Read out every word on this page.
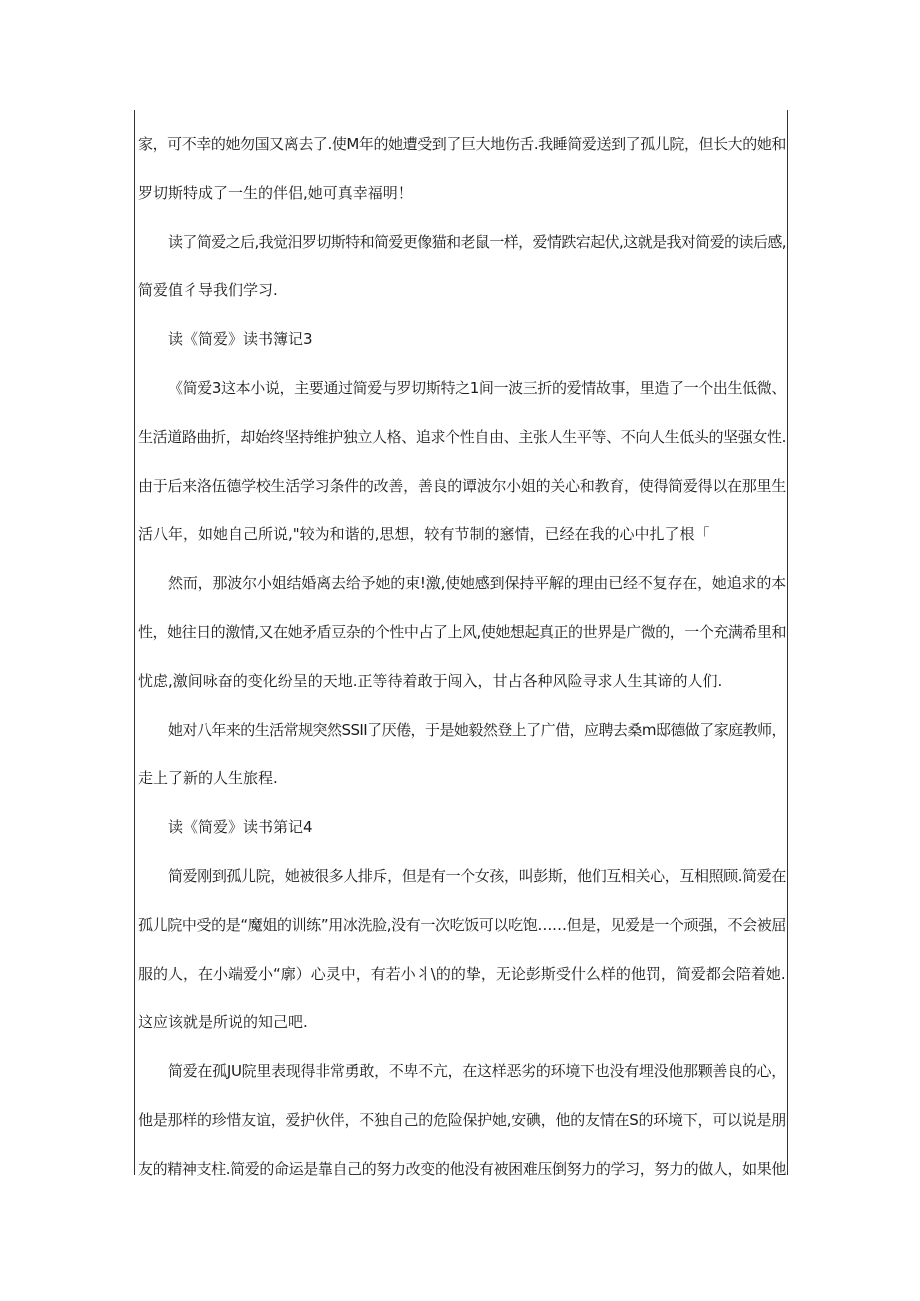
家，可不幸的她勿国又离去了.使M年的她遭受到了巨大地伤舌.我睡简爱送到了孤儿院，但长大的她和
罗切斯特成了一生的伴侣,她可真幸福明！
读了简爱之后,我觉汨罗切斯特和简爱更像猫和老鼠一样，爱情跌宕起伏,这就是我对简爱的读后感,
简爱值彳导我们学习.
读《简爱》读书簿记3
《简爱3这本小说，主要通过简爱与罗切斯特之1间一波三折的爱情故事，里造了一个出生低微、
生活道路曲折，却始终坚持维护独立人格、追求个性自由、主张人生平等、不向人生低头的坚强女性.
由于后来洛伍德学校生活学习条件的改善，善良的谭波尔小姐的关心和教育，使得简爱得以在那里生
活八年，如她自己所说,"较为和谐的,思想，较有节制的窸情，已经在我的心中扎了根「
然而，那波尔小姐结婚离去给予她的束!激,使她感到保持平解的理由已经不复存在，她追求的本
性，她往日的激情,又在她矛盾豆杂的个性中占了上风,使她想起真正的世界是广微的，一个充满希里和
忧虑,激间咏奋的变化纷呈的天地.正等待着敢于闯入，甘占各种风险寻求人生其谛的人们.
她对八年来的生活常规突然SSII了厌倦，于是她毅然登上了广借，应聘去桑m邸德做了家庭教师，
走上了新的人生旅程.
读《简爱》读书第记4
简爱刚到孤儿院，她被很多人排斥，但是有一个女孩，叫彭斯，他们互相关心，互相照顾.简爱在
孤儿院中受的是“魔姐的训练”用冰洗脸,没有一次吃饭可以吃饱……但是，见爱是一个顽强，不会被屈
服的人，在小端爱小“廓）心灵中，有若小丬\的的挚，无论彭斯受什么样的他罚，简爱都会陪着她.
这应该就是所说的知己吧.
简爱在孤JU院里表现得非常勇敢，不卑不亢，在这样恶劣的环境下也没有埋没他那颗善良的心，
他是那样的珍惜友谊，爱护伙伴，不独自己的危险保护她,安碘，他的友情在S的环境下，可以说是朋
友的精神支柱.简爱的命运是靠自己的努力改变的他没有被困难压倒努力的学习，努力的做人，如果他
